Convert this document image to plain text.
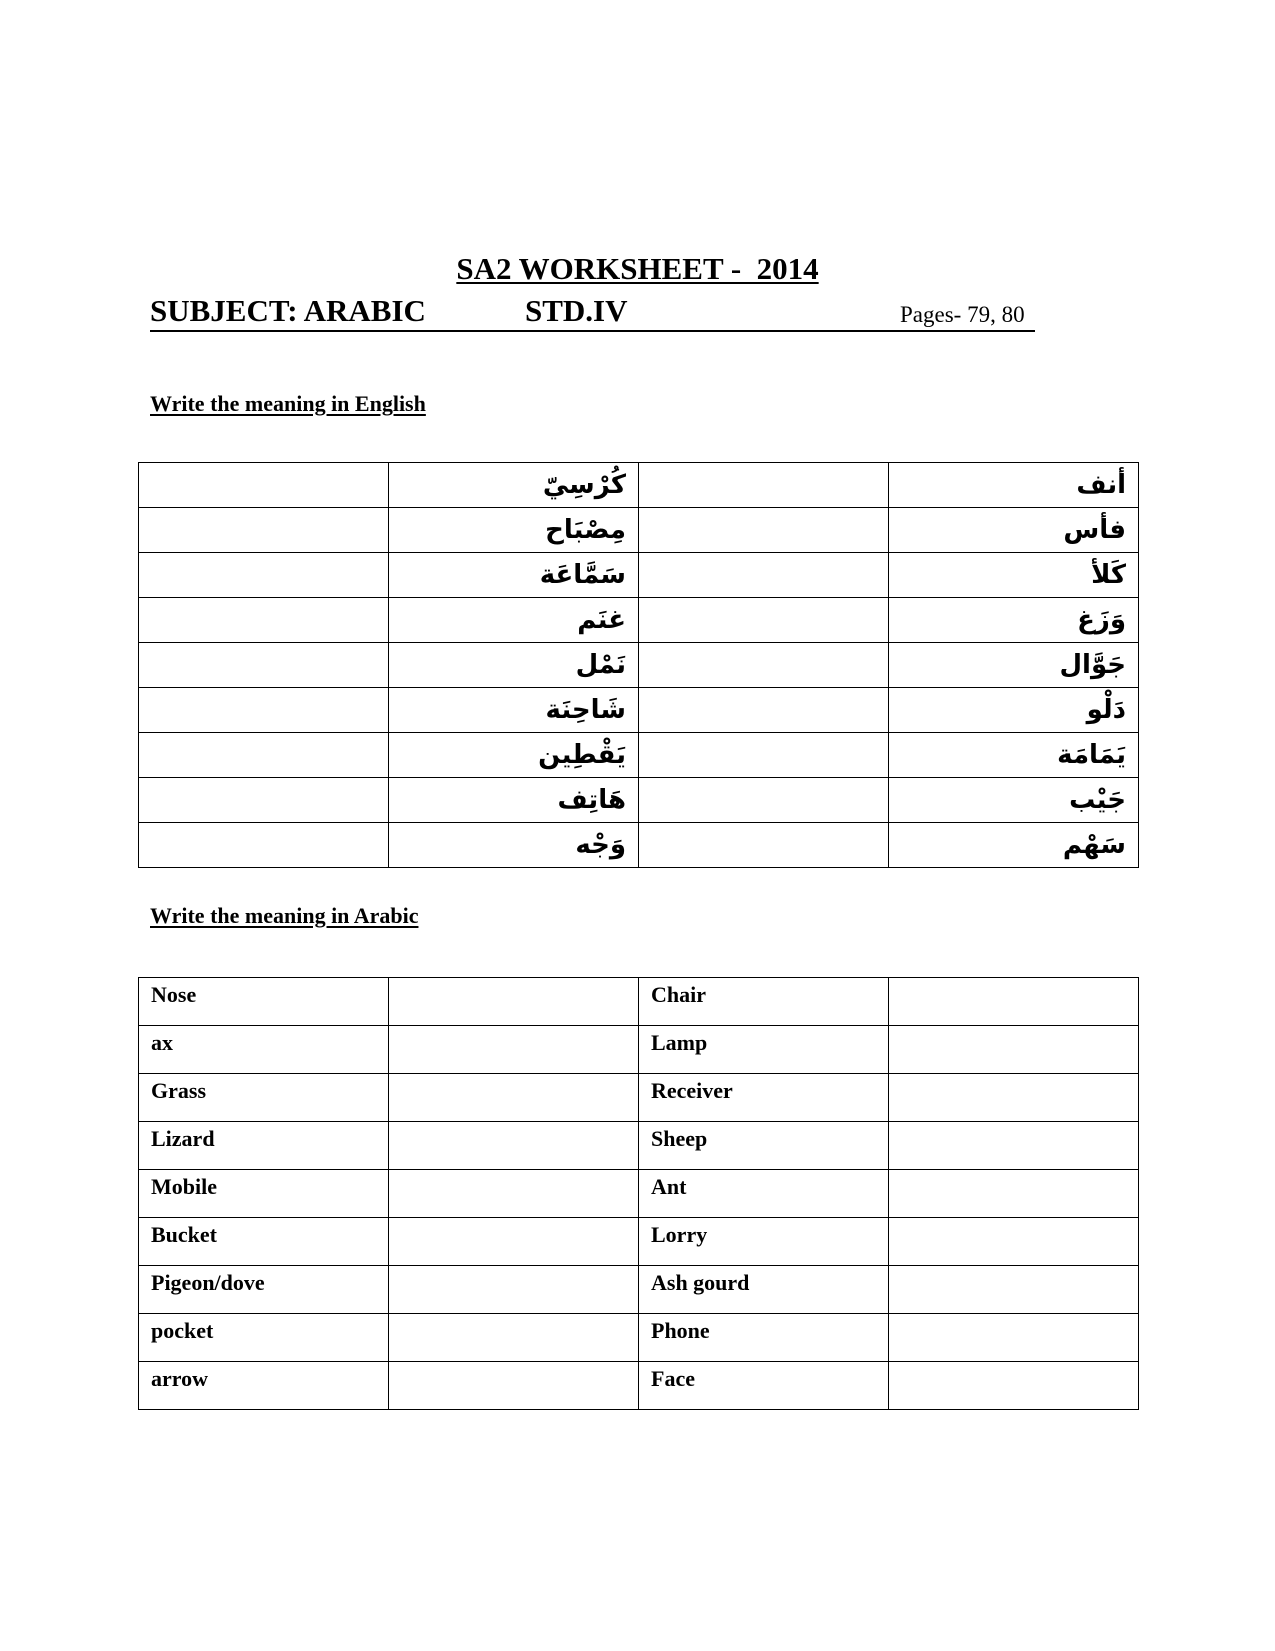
SA2 WORKSHEET -  2014
SUBJECT: ARABIC	STD.IV	Pages- 79, 80
Write the meaning in English
	كُرْسِيّ		أنف
	مِصْبَاح		فأس
	سَمَّاعَة		كَلأ
	غنَم		وَزَغ
	نَمْل		جَوَّال
	شَاحِنَة		دَلْو
	يَقْطِين		يَمَامَة
	هَاتِف		جَيْب
	وَجْه		سَهْم
Write the meaning in Arabic
Nose		Chair	
ax		Lamp	
Grass		Receiver	
Lizard		Sheep	
Mobile		Ant	
Bucket		Lorry	
Pigeon/dove		Ash gourd	
pocket		Phone	
arrow		Face	
